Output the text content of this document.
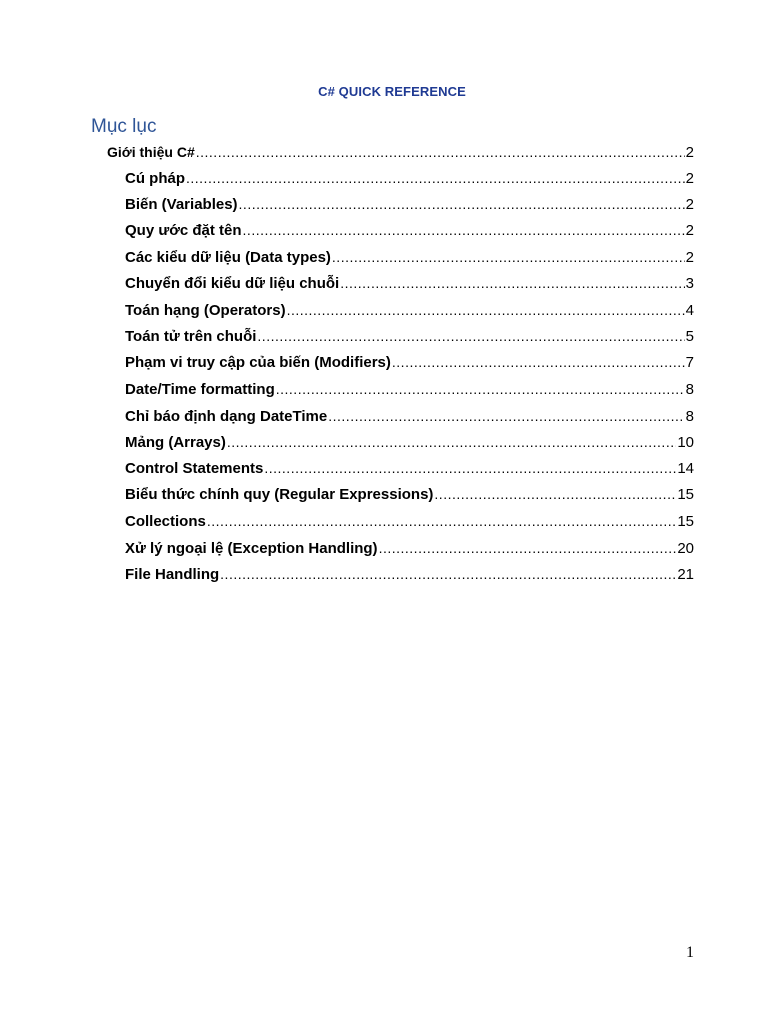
C# QUICK REFERENCE
Mục lục
Giới thiệu C# .....	2
Cú pháp .....	2
Biến (Variables) .....	2
Quy ước đặt tên .....	2
Các kiểu dữ liệu (Data types) .....	2
Chuyển đổi kiểu dữ liệu chuỗi .....	3
Toán hạng (Operators) .....	4
Toán tử trên chuỗi .....	5
Phạm vi truy cập của biến (Modifiers) .....	7
Date/Time formatting .....	8
Chỉ báo định dạng DateTime .....	8
Mảng (Arrays) .....	10
Control Statements .....	14
Biểu thức chính quy (Regular Expressions) .....	15
Collections .....	15
Xử lý ngoại lệ (Exception Handling) .....	20
File Handling .....	21
1
